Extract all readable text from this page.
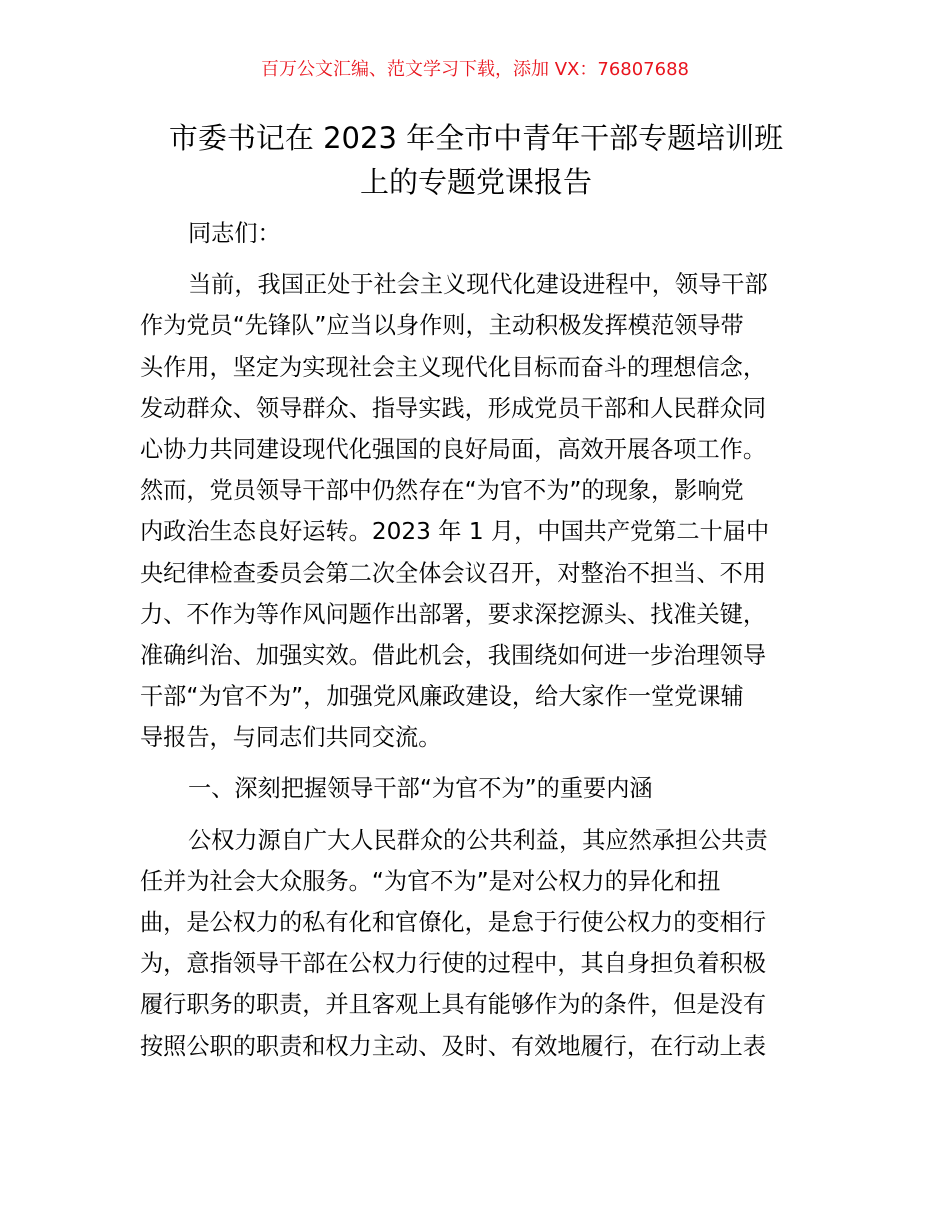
百万公文汇编、范文学习下载，添加 VX：76807688
市委书记在 2023 年全市中青年干部专题培训班
上的专题党课报告
同志们：
当前，我国正处于社会主义现代化建设进程中，领导干部
作为党员“先锋队”应当以身作则，主动积极发挥模范领导带
头作用，坚定为实现社会主义现代化目标而奋斗的理想信念，
发动群众、领导群众、指导实践，形成党员干部和人民群众同
心协力共同建设现代化强国的良好局面，高效开展各项工作。
然而，党员领导干部中仍然存在“为官不为”的现象，影响党
内政治生态良好运转。2023 年 1 月，中国共产党第二十届中
央纪律检查委员会第二次全体会议召开，对整治不担当、不用
力、不作为等作风问题作出部署，要求深挖源头、找准关键，
准确纠治、加强实效。借此机会，我围绕如何进一步治理领导
干部“为官不为”，加强党风廉政建设，给大家作一堂党课辅
导报告，与同志们共同交流。
一、深刻把握领导干部“为官不为”的重要内涵
公权力源自广大人民群众的公共利益，其应然承担公共责
任并为社会大众服务。“为官不为”是对公权力的异化和扭
曲，是公权力的私有化和官僚化，是怠于行使公权力的变相行
为，意指领导干部在公权力行使的过程中，其自身担负着积极
履行职务的职责，并且客观上具有能够作为的条件，但是没有
按照公职的职责和权力主动、及时、有效地履行，在行动上表
